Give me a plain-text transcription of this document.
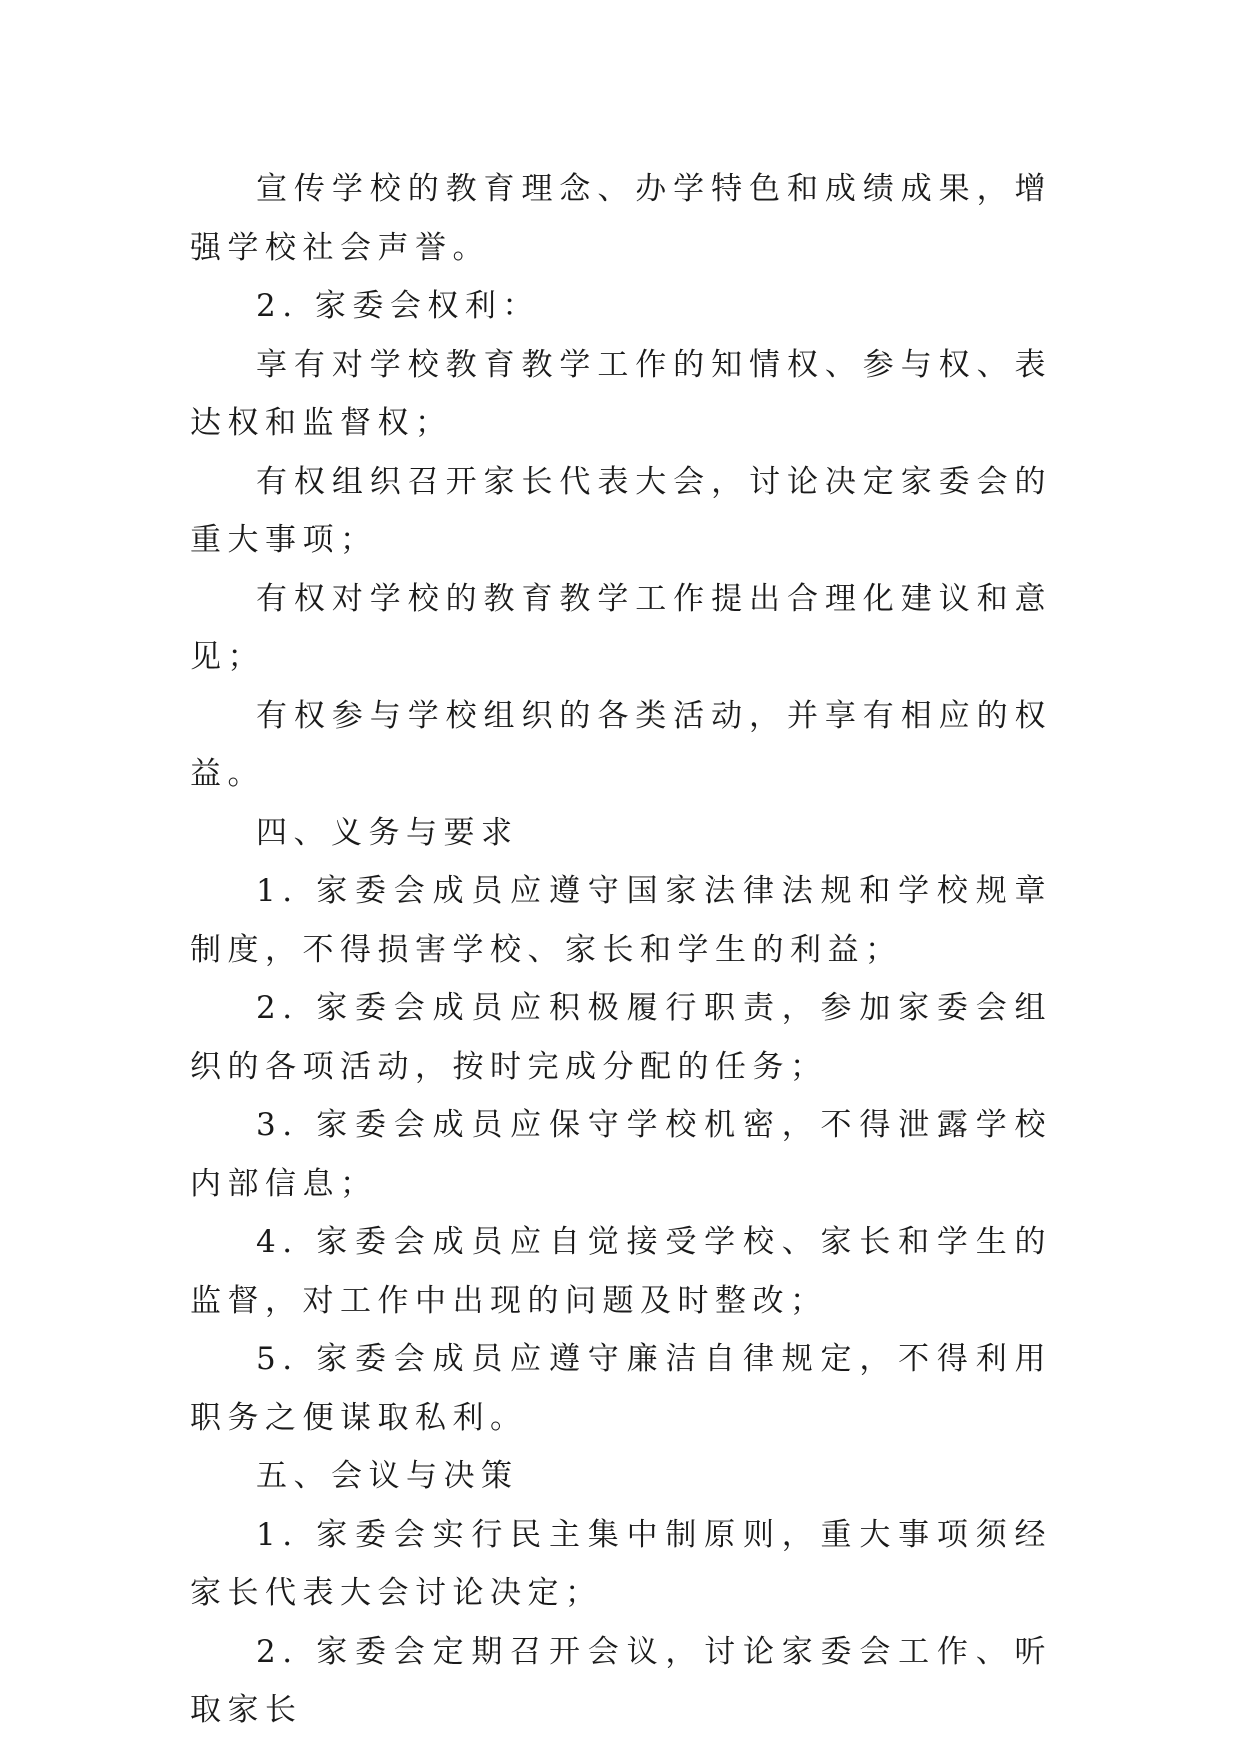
宣传学校的教育理念、办学特色和成绩成果，增强学校社会声誉。

2. 家委会权利：

享有对学校教育教学工作的知情权、参与权、表达权和监督权；

有权组织召开家长代表大会，讨论决定家委会的重大事项；

有权对学校的教育教学工作提出合理化建议和意见；

有权参与学校组织的各类活动，并享有相应的权益。

四、义务与要求

1. 家委会成员应遵守国家法律法规和学校规章制度，不得损害学校、家长和学生的利益；

2. 家委会成员应积极履行职责，参加家委会组织的各项活动，按时完成分配的任务；

3. 家委会成员应保守学校机密，不得泄露学校内部信息；

4. 家委会成员应自觉接受学校、家长和学生的监督，对工作中出现的问题及时整改；

5. 家委会成员应遵守廉洁自律规定，不得利用职务之便谋取私利。

五、会议与决策

1. 家委会实行民主集中制原则，重大事项须经家长代表大会讨论决定；

2. 家委会定期召开会议，讨论家委会工作、听取家长
